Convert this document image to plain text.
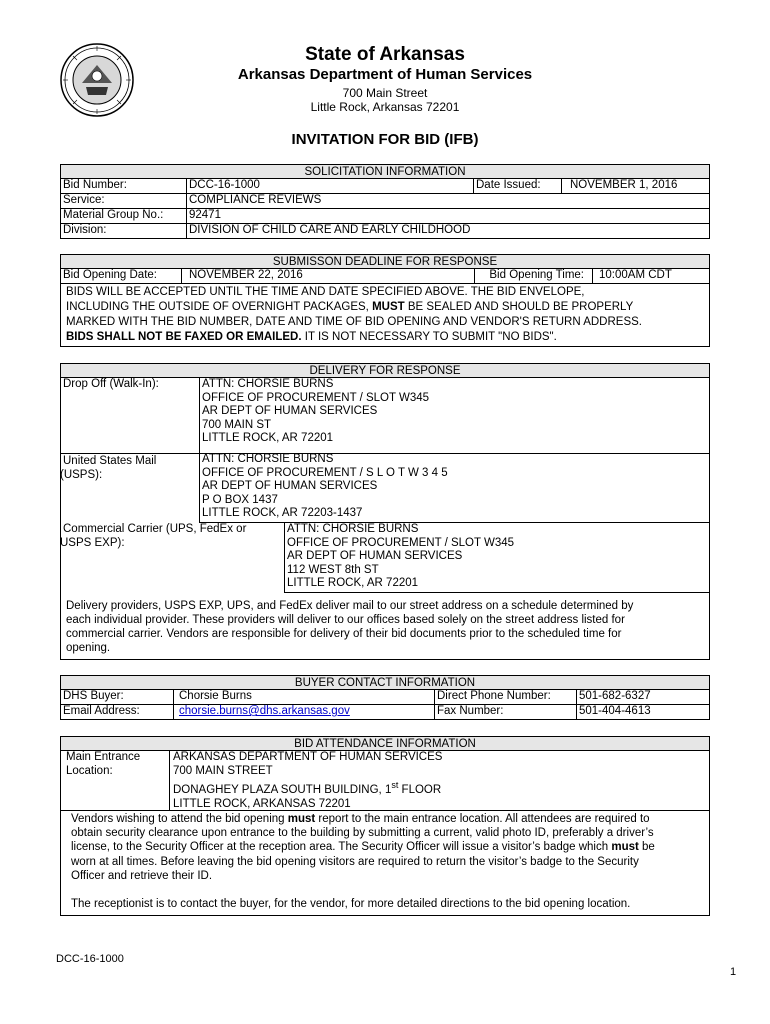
State of Arkansas
Arkansas Department of Human Services
700 Main Street
Little Rock, Arkansas 72201
INVITATION FOR BID (IFB)
SOLICITATION INFORMATION
Bid Number:	DCC-16-1000	Date Issued:	NOVEMBER 1, 2016
Service:	COMPLIANCE REVIEWS
Material Group No.:	92471
Division:	DIVISION OF CHILD CARE AND EARLY CHILDHOOD
SUBMISSON DEADLINE FOR RESPONSE
Bid Opening Date:	NOVEMBER 22, 2016	Bid Opening Time:	10:00AM CDT
BIDS WILL BE ACCEPTED UNTIL THE TIME AND DATE SPECIFIED ABOVE. THE BID ENVELOPE,
INCLUDING THE OUTSIDE OF OVERNIGHT PACKAGES, MUST BE SEALED AND SHOULD BE PROPERLY
MARKED WITH THE BID NUMBER, DATE AND TIME OF BID OPENING AND VENDOR'S RETURN ADDRESS.
BIDS SHALL NOT BE FAXED OR EMAILED. IT IS NOT NECESSARY TO SUBMIT "NO BIDS".
DELIVERY FOR RESPONSE
Drop Off (Walk-In):	ATTN: CHORSIE BURNS
OFFICE OF PROCUREMENT / SLOT W345
AR DEPT OF HUMAN SERVICES
700 MAIN ST
LITTLE ROCK, AR 72201
United States Mail
(USPS):
ATTN: CHORSIE BURNS
OFFICE OF PROCUREMENT / S L O T W 3 4 5
AR DEPT OF HUMAN SERVICES
P O BOX 1437
LITTLE ROCK, AR 72203-1437
Commercial Carrier (UPS, FedEx or
USPS EXP):
ATTN: CHORSIE BURNS
OFFICE OF PROCUREMENT / SLOT W345
AR DEPT OF HUMAN SERVICES
112 WEST 8th ST
LITTLE ROCK, AR 72201
Delivery providers, USPS EXP, UPS, and FedEx deliver mail to our street address on a schedule determined by
each individual provider. These providers will deliver to our offices based solely on the street address listed for
commercial carrier. Vendors are responsible for delivery of their bid documents prior to the scheduled time for
opening.
BUYER CONTACT INFORMATION
DHS Buyer:	Chorsie Burns	Direct Phone Number:	501-682-6327
Email Address:	chorsie.burns@dhs.arkansas.gov	Fax Number:	501-404-4613
BID ATTENDANCE INFORMATION
Main Entrance
Location:
ARKANSAS DEPARTMENT OF HUMAN SERVICES
700 MAIN STREET
DONAGHEY PLAZA SOUTH BUILDING, 1st FLOOR
LITTLE ROCK, ARKANSAS 72201
Vendors wishing to attend the bid opening must report to the main entrance location. All attendees are required to
obtain security clearance upon entrance to the building by submitting a current, valid photo ID, preferably a driver’s
license, to the Security Officer at the reception area. The Security Officer will issue a visitor’s badge which must be
worn at all times. Before leaving the bid opening visitors are required to return the visitor’s badge to the Security
Officer and retrieve their ID.
The receptionist is to contact the buyer, for the vendor, for more detailed directions to the bid opening location.
DCC-16-1000
1
